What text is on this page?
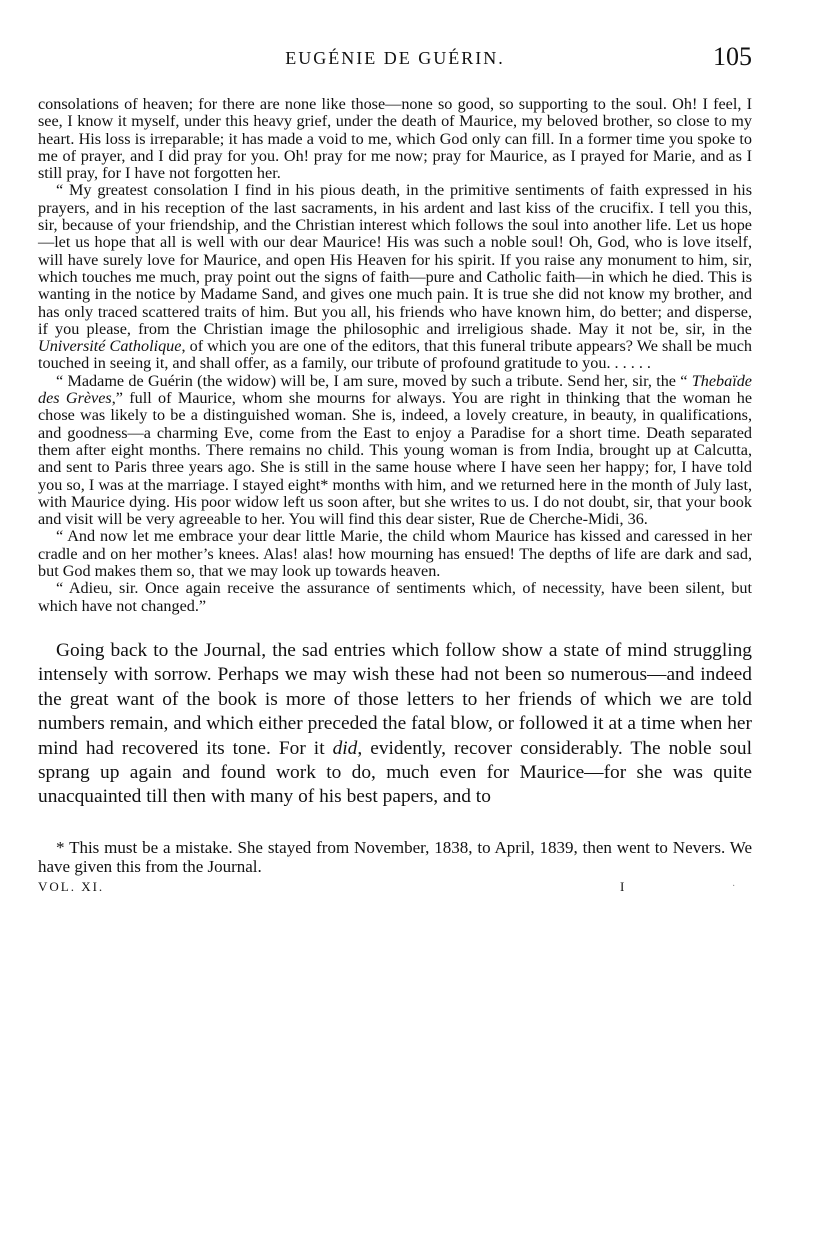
EUGÉNIE DE GUÉRIN.	105

consolations of heaven; for there are none like those—none so good, so supporting to the soul. Oh! I feel, I see, I know it myself, under this heavy grief, under the death of Maurice, my beloved brother, so close to my heart. His loss is irreparable; it has made a void to me, which God only can fill. In a former time you spoke to me of prayer, and I did pray for you. Oh! pray for me now; pray for Maurice, as I prayed for Marie, and as I still pray, for I have not forgotten her.

“ My greatest consolation I find in his pious death, in the primitive sentiments of faith expressed in his prayers, and in his reception of the last sacraments, in his ardent and last kiss of the crucifix. I tell you this, sir, because of your friendship, and the Christian interest which follows the soul into another life. Let us hope—let us hope that all is well with our dear Maurice! His was such a noble soul! Oh, God, who is love itself, will have surely love for Maurice, and open His Heaven for his spirit. If you raise any monument to him, sir, which touches me much, pray point out the signs of faith—pure and Catholic faith—in which he died. This is wanting in the notice by Madame Sand, and gives one much pain. It is true she did not know my brother, and has only traced scattered traits of him. But you all, his friends who have known him, do better; and disperse, if you please, from the Christian image the philosophic and irreligious shade. May it not be, sir, in the Université Catholique, of which you are one of the editors, that this funeral tribute appears? We shall be much touched in seeing it, and shall offer, as a family, our tribute of profound gratitude to you. . . . . .

“ Madame de Guérin (the widow) will be, I am sure, moved by such a tribute. Send her, sir, the “ Thebaïde des Grèves,” full of Maurice, whom she mourns for always. You are right in thinking that the woman he chose was likely to be a distinguished woman. She is, indeed, a lovely creature, in beauty, in qualifications, and goodness—a charming Eve, come from the East to enjoy a Paradise for a short time. Death separated them after eight months. There remains no child. This young woman is from India, brought up at Calcutta, and sent to Paris three years ago. She is still in the same house where I have seen her happy; for, I have told you so, I was at the marriage. I stayed eight* months with him, and we returned here in the month of July last, with Maurice dying. His poor widow left us soon after, but she writes to us. I do not doubt, sir, that your book and visit will be very agreeable to her. You will find this dear sister, Rue de Cherche-Midi, 36.

“ And now let me embrace your dear little Marie, the child whom Maurice has kissed and caressed in her cradle and on her mother’s knees. Alas! alas! how mourning has ensued! The depths of life are dark and sad, but God makes them so, that we may look up towards heaven.

“ Adieu, sir. Once again receive the assurance of sentiments which, of necessity, have been silent, but which have not changed.”

Going back to the Journal, the sad entries which follow show a state of mind struggling intensely with sorrow. Perhaps we may wish these had not been so numerous—and indeed the great want of the book is more of those letters to her friends of which we are told numbers remain, and which either preceded the fatal blow, or followed it at a time when her mind had recovered its tone. For it did, evidently, recover considerably. The noble soul sprang up again and found work to do, much even for Maurice—for she was quite unacquainted till then with many of his best papers, and to

* This must be a mistake. She stayed from November, 1838, to April, 1839, then went to Nevers. We have given this from the Journal.

VOL. XI.	I	·
